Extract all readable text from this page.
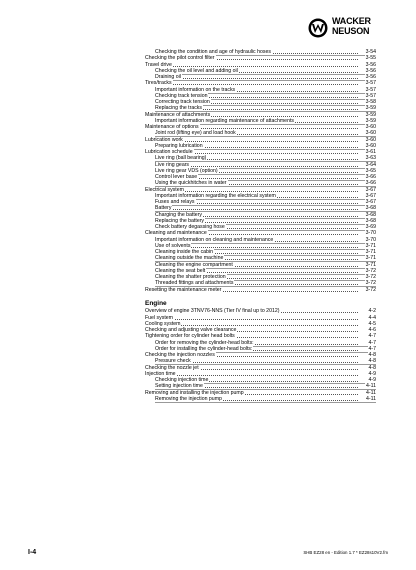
WACKER
NEUSON
Checking the condition and age of hydraulic hoses	3-54
Checking the pilot control filter	3-55
Travel drive	3-56
Checking the oil level and adding oil	3-56
Draining oil	3-56
Tires/tracks	3-57
Important information on the tracks	3-57
Checking track tension	3-57
Correcting track tension	3-58
Replacing the tracks	3-59
Maintenance of attachments	3-59
Important information regarding maintenance of attachments	3-59
Maintenance of options	3-60
Joint rod (lifting eye) and load hook	3-60
Lubrication work	3-60
Preparing lubrication	3-60
Lubrication schedule	3-61
Live ring (ball bearing)	3-63
Live ring gears	3-64
Live ring gear VDS (option)	3-65
Control lever base	3-66
Using the quickhitches in water	3-66
Electrical system	3-67
Important information regarding the electrical system	3-67
Fuses and relays	3-67
Battery	3-68
Charging the battery	3-68
Replacing the battery	3-68
Check battery degassing hose	3-69
Cleaning and maintenance	3-70
Important information on cleaning and maintenance	3-70
Use of solvents	3-71
Cleaning inside the cabin	3-71
Cleaning outside the machine	3-71
Cleaning the engine compartment	3-71
Cleaning the seat belt	3-72
Cleaning the shatter protection	3-72
Threaded fittings and attachments	3-72
Resetting the maintenance meter	3-72
Engine
Overview of engine 3TNV76-NNS (Tier IV final up to 2012)	4-2
Fuel system	4-4
Cooling system	4-5
Checking and adjusting valve clearance	4-6
Tightening order for cylinder head bolts	4-7
Order for removing the cylinder-head bolts:	4-7
Order for installing the cylinder-head bolts:	4-7
Checking the injection nozzles	4-8
Pressure check	4-8
Checking the nozzle jet	4-8
Injection time	4-9
Checking injection time	4-9
Setting injection time	4-11
Removing and installing the injection pump	4-11
Removing the injection pump	4-11
I-4	SHB EZ28 en - Edition 1.7 * EZ28s10V2.fm
